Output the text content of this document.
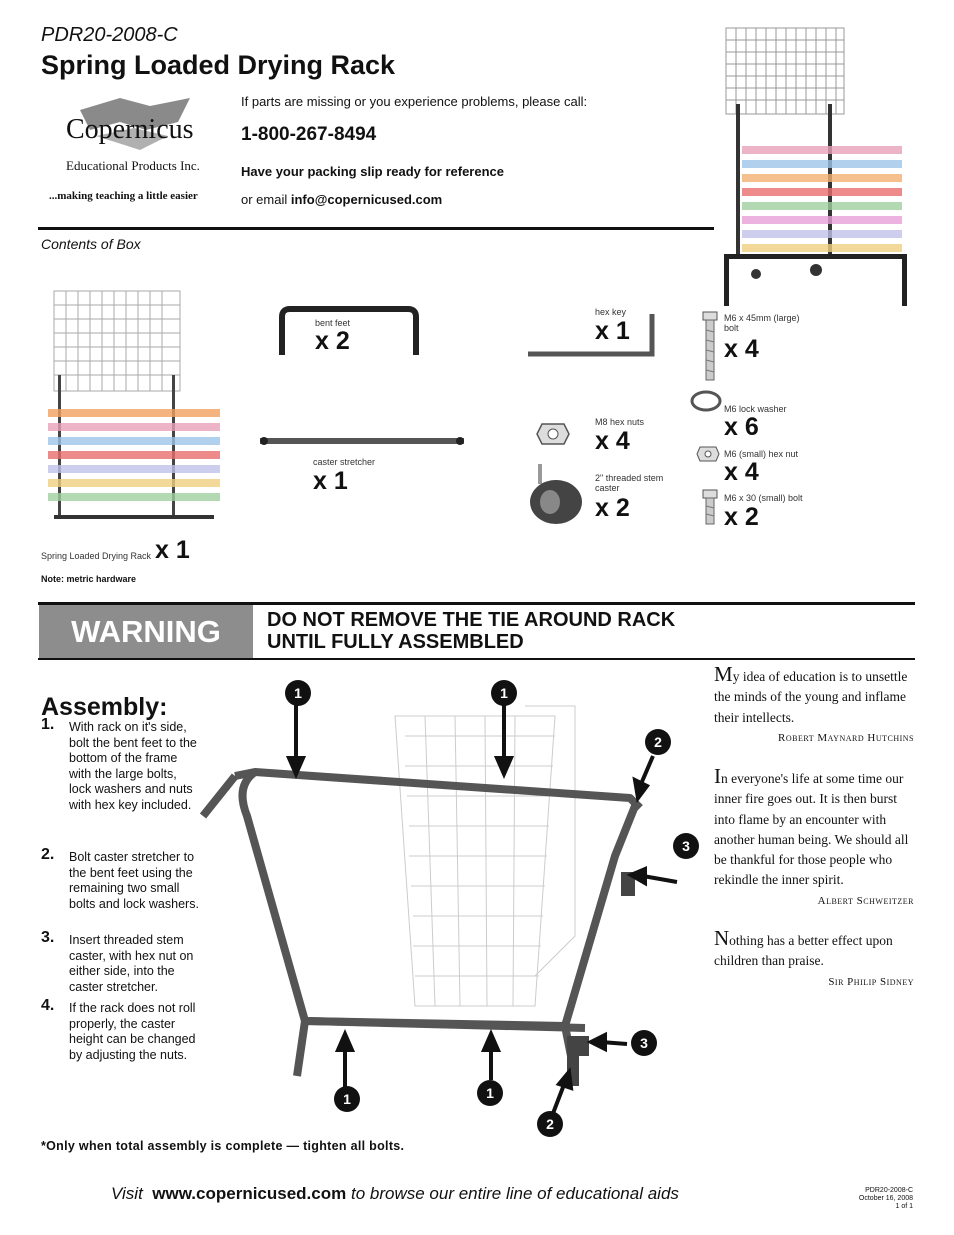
PDR20-2008-C
Spring Loaded Drying Rack
Copernicus
Educational Products Inc.
...making teaching a little easier
If parts are missing or you experience problems, please call:
1-800-267-8494
Have your packing slip ready for reference
or email info@copernicused.com
Contents of Box
Spring Loaded Drying Rack x 1
bent feet
x 2
caster stretcher
x 1
hex key
x 1
M8 hex nuts
x 4
2" threaded stem caster
x 2
M6 x 45mm (large) bolt
x 4
M6 lock washer
x 6
M6 (small) hex nut
x 4
M6 x 30 (small) bolt
x 2
Note: metric hardware
WARNING	DO NOT REMOVE THE TIE AROUND RACK
UNTIL FULLY ASSEMBLED
Assembly:
1. With rack on it's side, bolt the bent feet to the bottom of the frame with the large bolts, lock washers and nuts with hex key included.
2. Bolt caster stretcher to the bent feet using the remaining two small bolts and lock washers.
3. Insert threaded stem caster, with hex nut on either side, into the caster stretcher.
4. If the rack does not roll properly, the caster height can be changed by adjusting the nuts.
1	1
2
3
3
1	1
2
*Only when total assembly is complete — tighten all bolts.
My idea of education is to unsettle the minds of the young and inflame their intellects.
Robert Maynard Hutchins
In everyone's life at some time our inner fire goes out. It is then burst into flame by an encounter with another human being. We should all be thankful for those people who rekindle the inner spirit.
Albert Schweitzer
Nothing has a better effect upon children than praise.
Sir Philip Sidney
Visit www.copernicused.com to browse our entire line of educational aids	PDR20-2008-C
October 16, 2008
1 of 1
